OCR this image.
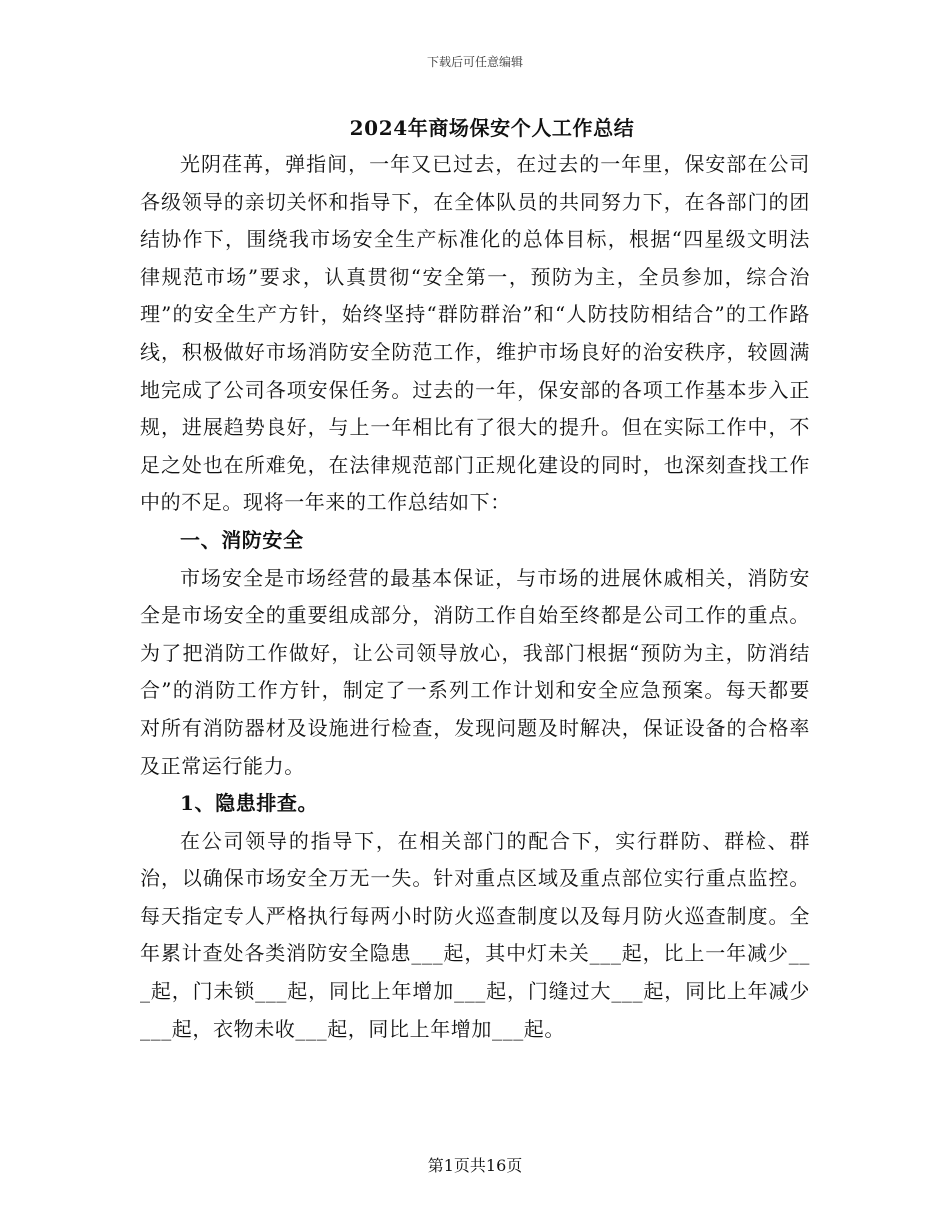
下载后可任意编辑
2024年商场保安个人工作总结

光阴荏苒，弹指间，一年又已过去，在过去的一年里，保安部在公司各级领导的亲切关怀和指导下，在全体队员的共同努力下，在各部门的团结协作下，围绕我市场安全生产标准化的总体目标，根据“四星级文明法律规范市场”要求，认真贯彻“安全第一，预防为主，全员参加，综合治理”的安全生产方针，始终坚持“群防群治”和“人防技防相结合”的工作路线，积极做好市场消防安全防范工作，维护市场良好的治安秩序，较圆满地完成了公司各项安保任务。过去的一年，保安部的各项工作基本步入正规，进展趋势良好，与上一年相比有了很大的提升。但在实际工作中，不足之处也在所难免，在法律规范部门正规化建设的同时，也深刻查找工作中的不足。现将一年来的工作总结如下：

一、消防安全

市场安全是市场经营的最基本保证，与市场的进展休戚相关，消防安全是市场安全的重要组成部分，消防工作自始至终都是公司工作的重点。为了把消防工作做好，让公司领导放心，我部门根据“预防为主，防消结合”的消防工作方针，制定了一系列工作计划和安全应急预案。每天都要对所有消防器材及设施进行检查，发现问题及时解决，保证设备的合格率及正常运行能力。

1、隐患排查。

在公司领导的指导下，在相关部门的配合下，实行群防、群检、群治，以确保市场安全万无一失。针对重点区域及重点部位实行重点监控。每天指定专人严格执行每两小时防火巡查制度以及每月防火巡查制度。全年累计查处各类消防安全隐患___起，其中灯未关___起，比上一年减少___起，门未锁___起，同比上年增加___起，门缝过大___起，同比上年减少___起，衣物未收___起，同比上年增加___起。

第1页共16页
